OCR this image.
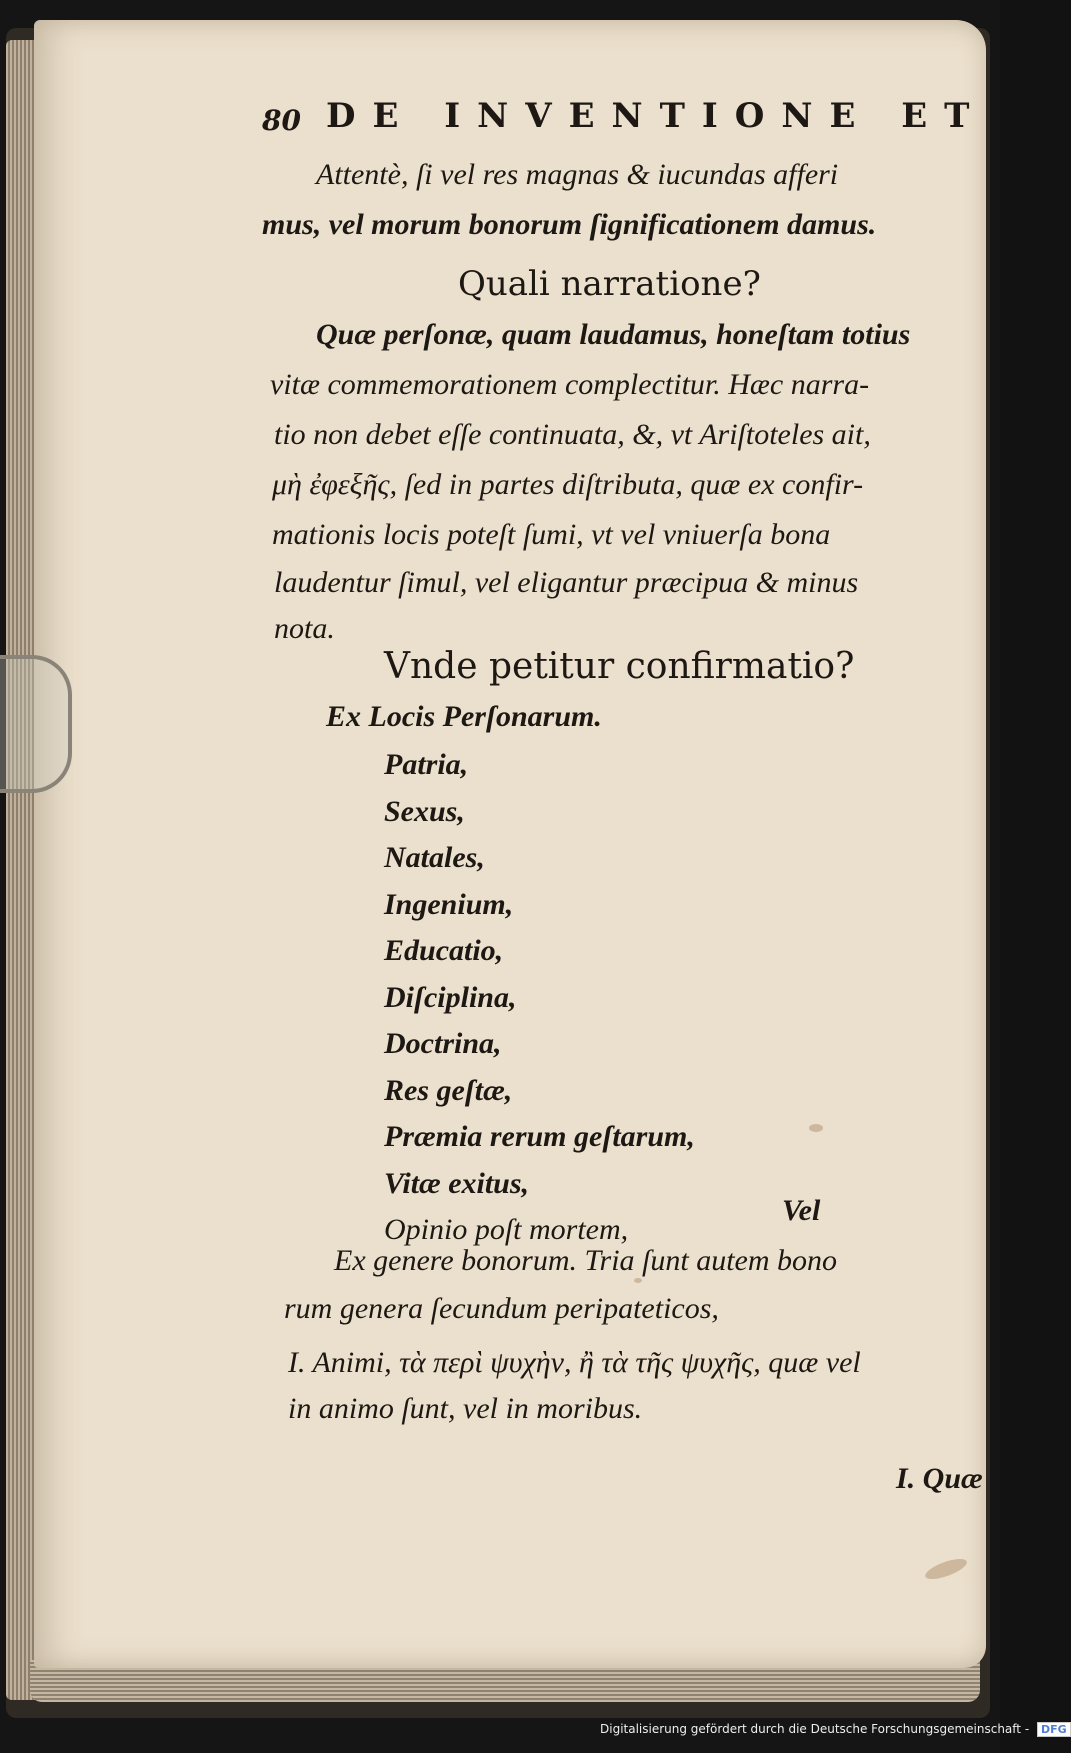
80 DE INVENTIONE ET

Attentè, ſi vel res magnas & iucundas afferi

mus, vel morum bonorum ſignificationem damus.

Quali narratione?

Quæ perſonæ, quam laudamus, honeſtam totius

vitæ commemorationem complectitur. Hæc narra-

tio non debet eſſe continuata, &, vt Ariſtoteles ait,

μὴ ἐφεξῆς, ſed in partes diſtributa, quæ ex confir-

mationis locis poteſt ſumi, vt vel vniuerſa bona

laudentur ſimul, vel eligantur præcipua & minus

nota.

Vnde petitur confirmatio?

Ex Locis Perſonarum.

Patria,

Sexus,

Natales,

Ingenium,

Educatio,

Diſciplina,

Doctrina,

Res geſtæ,

Præmia rerum geſtarum,

Vitæ exitus,

Opinio poſt mortem,

Vel

Ex genere bonorum. Tria ſunt autem bono

rum genera ſecundum peripateticos,

I. Animi, τὰ περὶ ψυχὴν, ἢ τὰ τῆς ψυχῆς, quæ vel

in animo ſunt, vel in moribus.

I. Quæ

Digitalisierung gefördert durch die Deutsche Forschungsgemeinschaft - DFG
